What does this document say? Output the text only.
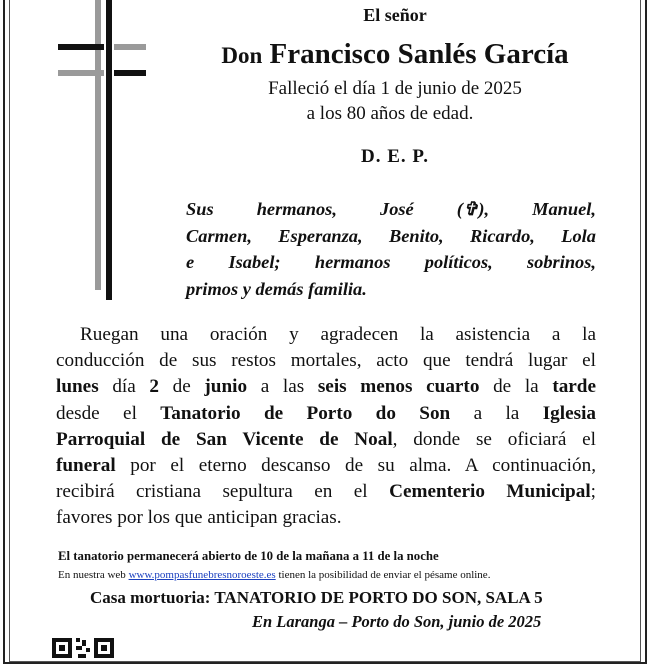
El señor
Don Francisco Sanlés García
Falleció el día 1 de junio de 2025
a los 80 años de edad.
D. E. P.
Sus hermanos, José (✞), Manuel,
Carmen, Esperanza, Benito, Ricardo, Lola
e Isabel; hermanos políticos, sobrinos,
primos y demás familia.
Ruegan una oración y agradecen la asistencia a la
conducción de sus restos mortales, acto que tendrá lugar el
lunes día 2 de junio a las seis menos cuarto de la tarde
desde el Tanatorio de Porto do Son a la Iglesia
Parroquial de San Vicente de Noal, donde se oficiará el
funeral por el eterno descanso de su alma. A continuación,
recibirá cristiana sepultura en el Cementerio Municipal;
favores por los que anticipan gracias.
El tanatorio permanecerá abierto de 10 de la mañana a 11 de la noche
En nuestra web www.pompasfunebresnoroeste.es tienen la posibilidad de enviar el pésame online.
Casa mortuoria: TANATORIO DE PORTO DO SON, SALA 5
En Laranga – Porto do Son, junio de 2025
